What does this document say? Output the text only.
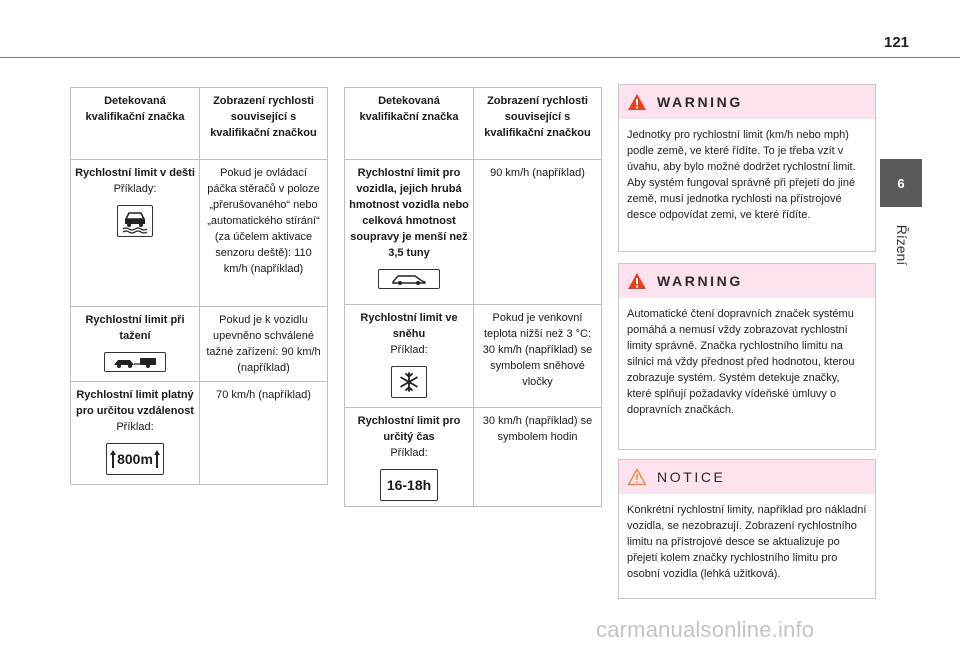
121
6
Řízení
Detekovaná kvalifikační značka	Zobrazení rychlosti související s kvalifikační značkou

Rychlostní limit v dešti
Příklady:	Pokud je ovládací páčka stěračů v poloze „přerušovaného“ nebo „automatického stírání“ (za účelem aktivace senzoru deště): 110 km/h (například)

Rychlostní limit při tažení	Pokud je k vozidlu upevněno schválené tažné zařízení: 90 km/h (například)

Rychlostní limit platný pro určitou vzdálenost
Příklad:
800m	70 km/h (například)
Detekovaná kvalifikační značka	Zobrazení rychlosti související s kvalifikační značkou

Rychlostní limit pro vozidla, jejich hrubá hmotnost vozidla nebo celková hmotnost soupravy je menší než 3,5 tuny	90 km/h (například)

Rychlostní limit ve sněhu
Příklad:	Pokud je venkovní teplota nižší než 3 °C: 30 km/h (například) se symbolem sněhové vločky

Rychlostní limit pro určitý čas
Příklad:
16-18h	30 km/h (například) se symbolem hodin
WARNING
Jednotky pro rychlostní limit (km/h nebo mph) podle země, ve které řídíte. To je třeba vzít v úvahu, aby bylo možné dodržet rychlostní limit. Aby systém fungoval správně při přejetí do jiné země, musí jednotka rychlosti na přístrojové desce odpovídat zemi, ve které řídíte.
WARNING
Automatické čtení dopravních značek systému pomáhá a nemusí vždy zobrazovat rychlostní limity správně. Značka rychlostního limitu na silnici má vždy přednost před hodnotou, kterou zobrazuje systém. Systém detekuje značky, které splňují požadavky vídeňské úmluvy o dopravních značkách.
NOTICE
Konkrétní rychlostní limity, například pro nákladní vozidla, se nezobrazují. Zobrazení rychlostního limitu na přístrojové desce se aktualizuje po přejetí kolem značky rychlostního limitu pro osobní vozidla (lehká užitková).
carmanualsonline.info
